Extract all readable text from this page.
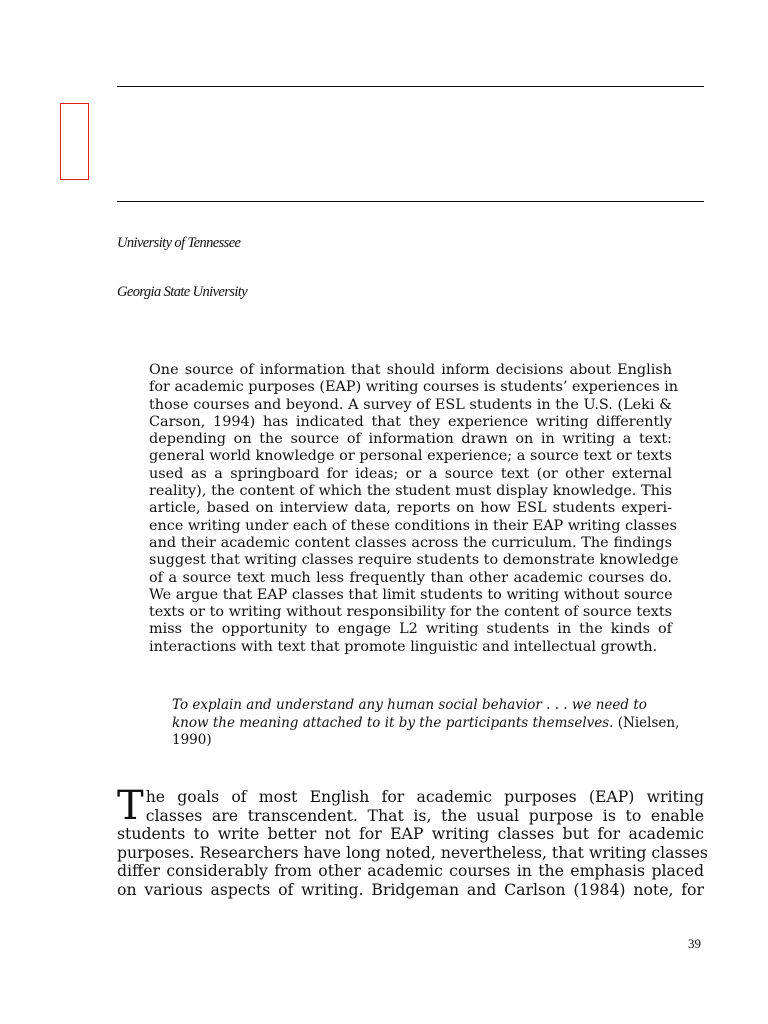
University of Tennessee
Georgia State University
One source of information that should inform decisions about English
for academic purposes (EAP) writing courses is students’ experiences in
those courses and beyond. A survey of ESL students in the U.S. (Leki &
Carson, 1994) has indicated that they experience writing differently
depending on the source of information drawn on in writing a text:
general world knowledge or personal experience; a source text or texts
used as a springboard for ideas; or a source text (or other external
reality), the content of which the student must display knowledge. This
article, based on interview data, reports on how ESL students experi-
ence writing under each of these conditions in their EAP writing classes
and their academic content classes across the curriculum. The findings
suggest that writing classes require students to demonstrate knowledge
of a source text much less frequently than other academic courses do.
We argue that EAP classes that limit students to writing without source
texts or to writing without responsibility for the content of source texts
miss the opportunity to engage L2 writing students in the kinds of
interactions with text that promote linguistic and intellectual growth.
To explain and understand any human social behavior . . . we need to
know the meaning attached to it by the participants themselves. (Nielsen,
1990)
T he goals of most English for academic purposes (EAP) writing
classes are transcendent. That is, the usual purpose is to enable
students to write better not for EAP writing classes but for academic
purposes. Researchers have long noted, nevertheless, that writing classes
differ considerably from other academic courses in the emphasis placed
on various aspects of writing. Bridgeman and Carlson (1984) note, for
39
